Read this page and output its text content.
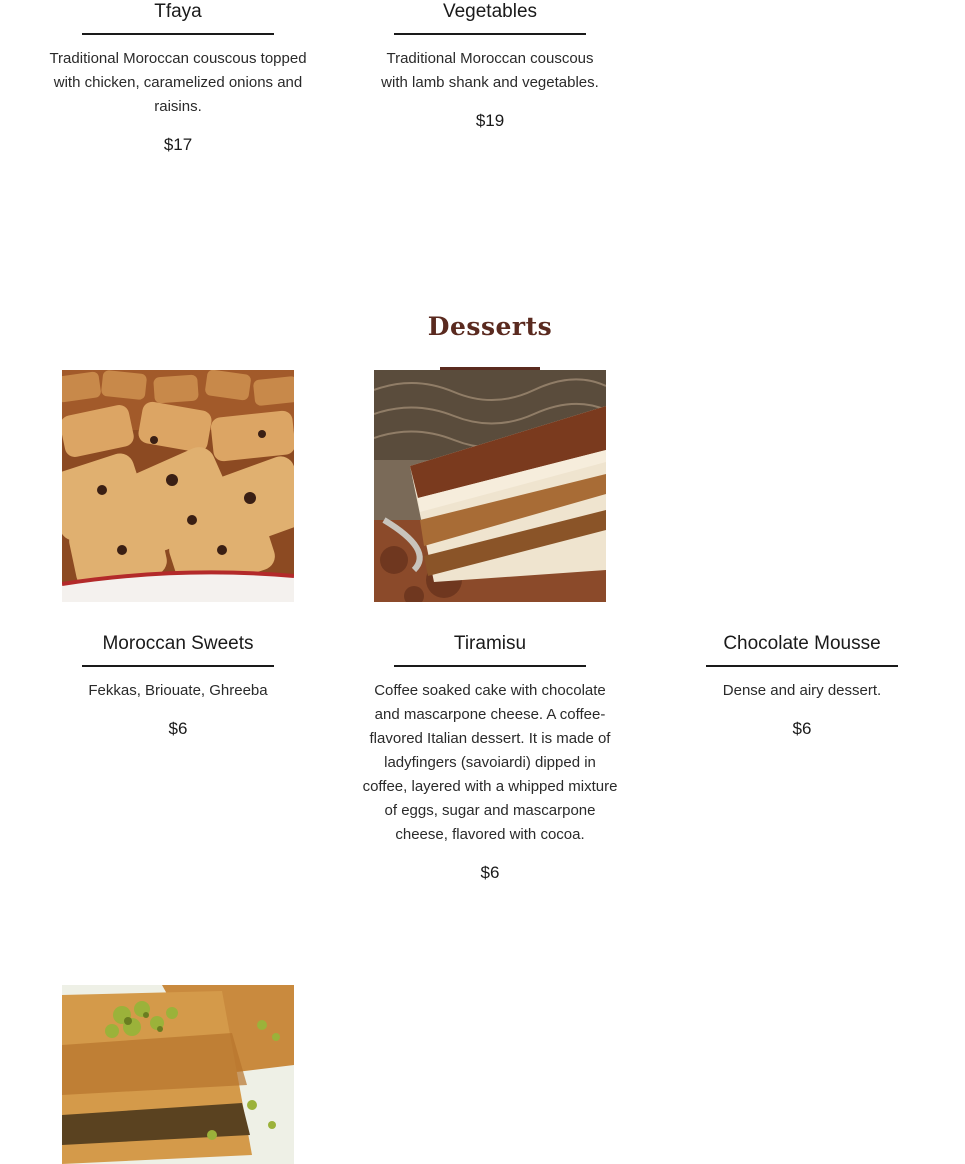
Tfaya
Traditional Moroccan couscous topped with chicken, caramelized onions and raisins.
$17
Vegetables
Traditional Moroccan couscous with lamb shank and vegetables.
$19
Desserts
Moroccan Sweets
Fekkas, Briouate, Ghreeba
$6
Tiramisu
Coffee soaked cake with chocolate and mascarpone cheese. A coffee-flavored Italian dessert. It is made of ladyfingers (savoiardi) dipped in coffee, layered with a whipped mixture of eggs, sugar and mascarpone cheese, flavored with cocoa.
$6
Chocolate Mousse
Dense and airy dessert.
$6
